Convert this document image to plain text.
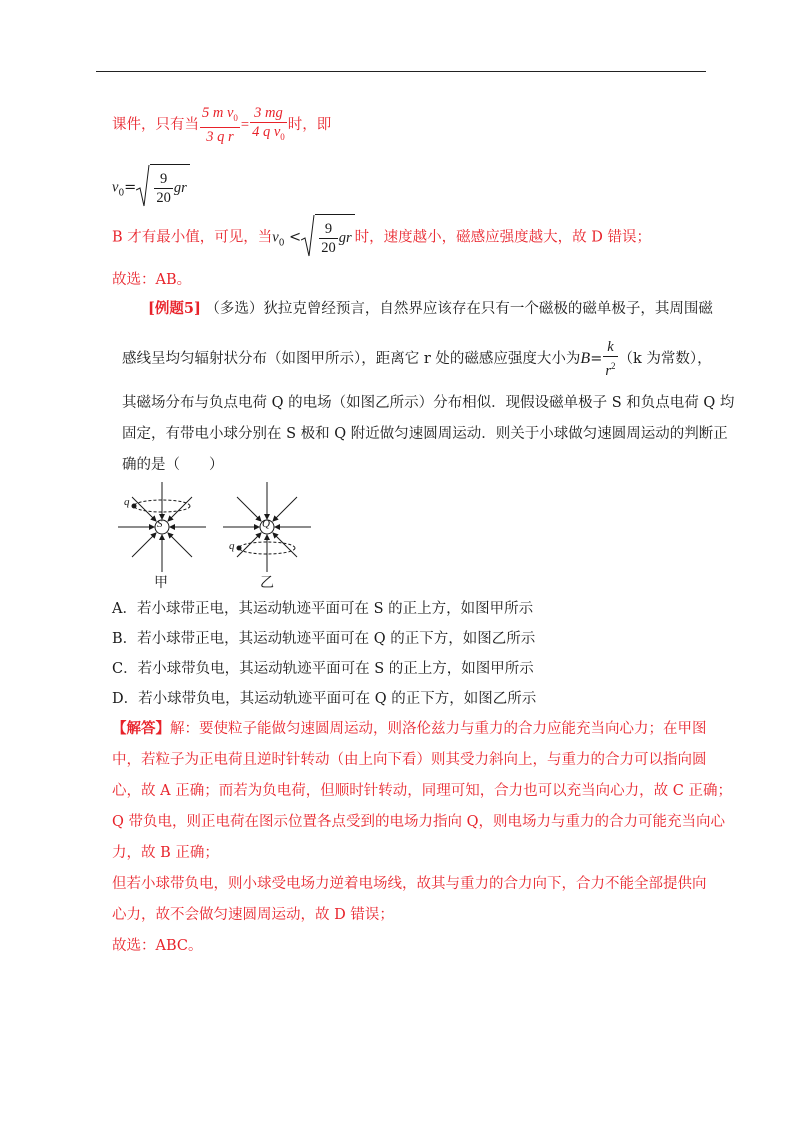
课件，只有当 $\frac{5 m v_0}{\text{3 q r}} = \frac{3 mg}{4 q v_0}$ 时，即
$v_0= \frac{9}{20}$ gr
B 才有最小值，可见，当$v_0 < \frac{9}{20}$ gr 时，速度越小，磁感应强度越大，故 D 错误；
故选：AB。
[例题5] （多选）狄拉克曾经预言，自然界应该存在只有一个磁极的磁单极子，其周围磁
感线呈均匀辐射状分布（如图甲所示），距离它 r 处的磁感应强度大小为$B= \frac{k}{r^2} (k$ 为常数），
其磁场分布与负点电荷 Q 的电场（如图乙所示）分布相似．现假设磁单极子 S 和负点电荷 Q 均
固定，有带电小球分别在 S 极和 Q 附近做匀速圆周运动．则关于小球做匀速圆周运动的判断正
确的是（　　）
S	Q
q
q
甲	乙
A．若小球带正电，其运动轨迹平面可在 S 的正上方，如图甲所示
B．若小球带正电，其运动轨迹平面可在 Q 的正下方，如图乙所示
C．若小球带负电，其运动轨迹平面可在 S 的正上方，如图甲所示
D．若小球带负电，其运动轨迹平面可在 Q 的正下方，如图乙所示
【解答】解：要使粒子能做匀速圆周运动，则洛伦兹力与重力的合力应能充当向心力；在甲图
中，若粒子为正电荷且逆时针转动（由上向下看）则其受力斜向上，与重力的合力可以指向圆
心，故 A 正确；而若为负电荷，但顺时针转动，同理可知，合力也可以充当向心力，故 C 正确；
Q 带负电，则正电荷在图示位置各点受到的电场力指向 Q，则电场力与重力的合力可能充当向心
力，故 B 正确；
但若小球带负电，则小球受电场力逆着电场线，故其与重力的合力向下，合力不能全部提供向
心力，故不会做匀速圆周运动，故 D 错误；
故选：ABC。
